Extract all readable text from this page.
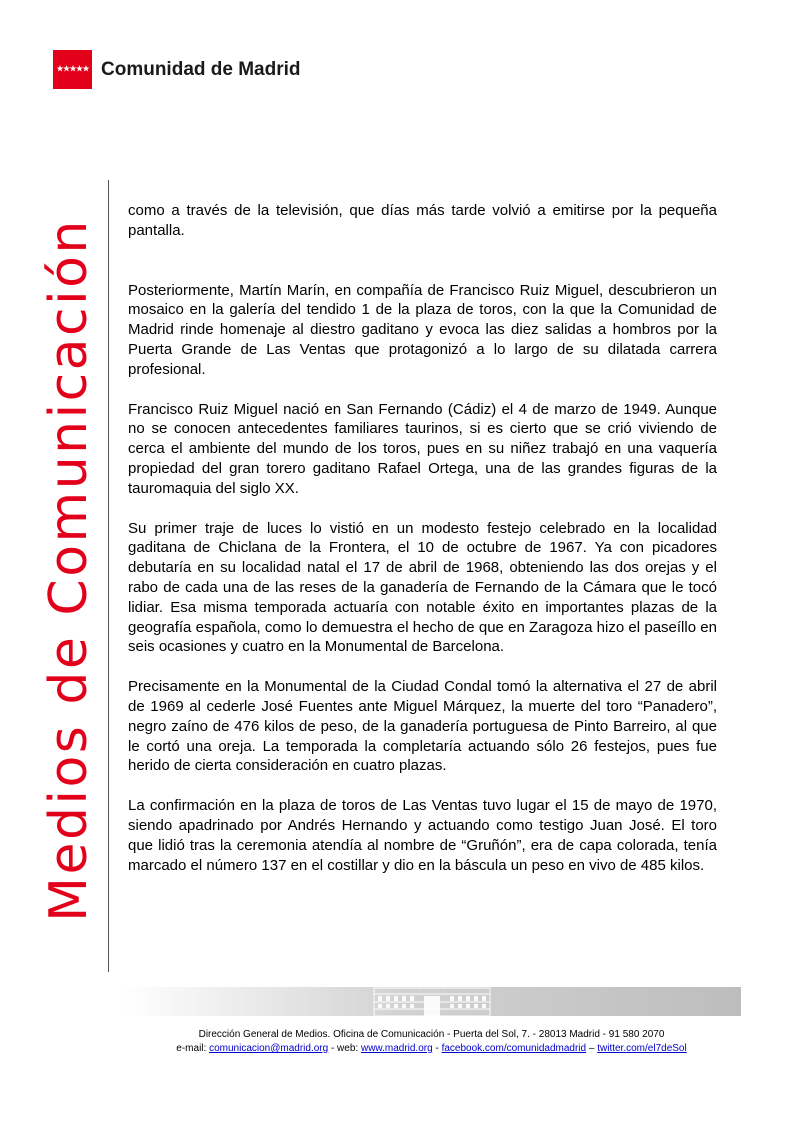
Comunidad de Madrid
Medios de Comunicación

como a través de la televisión, que días más tarde volvió a emitirse por la pequeña pantalla.

Posteriormente, Martín Marín, en compañía de Francisco Ruiz Miguel, descubrieron un mosaico en la galería del tendido 1 de la plaza de toros, con la que la Comunidad de Madrid rinde homenaje al diestro gaditano y evoca las diez salidas a hombros por la Puerta Grande de Las Ventas que protagonizó a lo largo de su dilatada carrera profesional.

Francisco Ruiz Miguel nació en San Fernando (Cádiz) el 4 de marzo de 1949. Aunque no se conocen antecedentes familiares taurinos, si es cierto que se crió viviendo de cerca el ambiente del mundo de los toros, pues en su niñez trabajó en una vaquería propiedad del gran torero gaditano Rafael Ortega, una de las grandes figuras de la tauromaquia del siglo XX.

Su primer traje de luces lo vistió en un modesto festejo celebrado en la localidad gaditana de Chiclana de la Frontera, el 10 de octubre de 1967. Ya con picadores debutaría en su localidad natal el 17 de abril de 1968, obteniendo las dos orejas y el rabo de cada una de las reses de la ganadería de Fernando de la Cámara que le tocó lidiar. Esa misma temporada actuaría con notable éxito en importantes plazas de la geografía española, como lo demuestra el hecho de que en Zaragoza hizo el paseíllo en seis ocasiones y cuatro en la Monumental de Barcelona.

Precisamente en la Monumental de la Ciudad Condal tomó la alternativa el 27 de abril de 1969 al cederle José Fuentes ante Miguel Márquez, la muerte del toro “Panadero”, negro zaíno de 476 kilos de peso, de la ganadería portuguesa de Pinto Barreiro, al que le cortó una oreja. La temporada la completaría actuando sólo 26 festejos, pues fue herido de cierta consideración en cuatro plazas.

La confirmación en la plaza de toros de Las Ventas tuvo lugar el 15 de mayo de 1970, siendo apadrinado por Andrés Hernando y actuando como testigo Juan José. El toro que lidió tras la ceremonia atendía al nombre de “Gruñón”, era de capa colorada, tenía marcado el número 137 en el costillar y dio en la báscula un peso en vivo de 485 kilos.

Dirección General de Medios. Oficina de Comunicación - Puerta del Sol, 7. - 28013 Madrid - 91 580 2070
e-mail: comunicacion@madrid.org - web: www.madrid.org - facebook.com/comunidadmadrid – twitter.com/el7deSol
